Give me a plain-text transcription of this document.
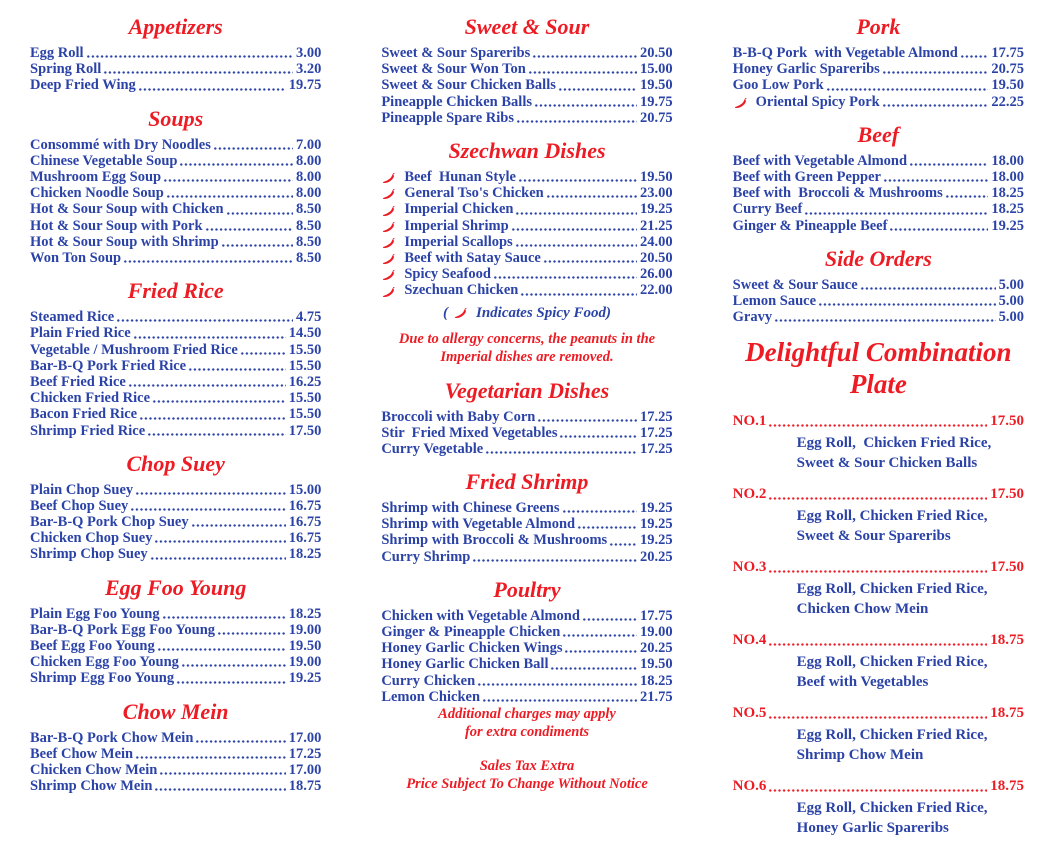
Appetizers
Egg Roll	3.00
Spring Roll	3.20
Deep Fried Wing	19.75
Soups
Consommé with Dry Noodles	7.00
Chinese Vegetable Soup	8.00
Mushroom Egg Soup	8.00
Chicken Noodle Soup	8.00
Hot & Sour Soup with Chicken	8.50
Hot & Sour Soup with Pork	8.50
Hot & Sour Soup with Shrimp	8.50
Won Ton Soup	8.50
Fried Rice
Steamed Rice	4.75
Plain Fried Rice	14.50
Vegetable / Mushroom Fried Rice	15.50
Bar-B-Q Pork Fried Rice	15.50
Beef Fried Rice	16.25
Chicken Fried Rice	15.50
Bacon Fried Rice	15.50
Shrimp Fried Rice	17.50
Chop Suey
Plain Chop Suey	15.00
Beef Chop Suey	16.75
Bar-B-Q Pork Chop Suey	16.75
Chicken Chop Suey	16.75
Shrimp Chop Suey	18.25
Egg Foo Young
Plain Egg Foo Young	18.25
Bar-B-Q Pork Egg Foo Young	19.00
Beef Egg Foo Young	19.50
Chicken Egg Foo Young	19.00
Shrimp Egg Foo Young	19.25
Chow Mein
Bar-B-Q Pork Chow Mein	17.00
Beef Chow Mein	17.25
Chicken Chow Mein	17.00
Shrimp Chow Mein	18.75
Sweet & Sour
Sweet & Sour Spareribs	20.50
Sweet & Sour Won Ton	15.00
Sweet & Sour Chicken Balls	19.50
Pineapple Chicken Balls	19.75
Pineapple Spare Ribs	20.75
Szechwan Dishes
Beef  Hunan Style	19.50
General Tso's Chicken	23.00
Imperial Chicken	19.25
Imperial Shrimp	21.25
Imperial Scallops	24.00
Beef with Satay Sauce	20.50
Spicy Seafood	26.00
Szechuan Chicken	22.00
( Indicates Spicy Food)
Due to allergy concerns, the peanuts in the
Imperial dishes are removed.
Vegetarian Dishes
Broccoli with Baby Corn	17.25
Stir  Fried Mixed Vegetables	17.25
Curry Vegetable	17.25
Fried Shrimp
Shrimp with Chinese Greens	19.25
Shrimp with Vegetable Almond	19.25
Shrimp with Broccoli & Mushrooms 19.25
Curry Shrimp	20.25
Poultry
Chicken with Vegetable Almond	17.75
Ginger & Pineapple Chicken	19.00
Honey Garlic Chicken Wings	20.25
Honey Garlic Chicken Ball	19.50
Curry Chicken	18.25
Lemon Chicken	21.75
Additional charges may apply
for extra condiments
Sales Tax Extra
Price Subject To Change Without Notice
Pork
B-B-Q Pork  with Vegetable Almond 17.75
Honey Garlic Spareribs	20.75
Goo Low Pork	19.50
Oriental Spicy Pork	22.25
Beef
Beef with Vegetable Almond	18.00
Beef with Green Pepper	18.00
Beef with  Broccoli & Mushrooms	18.25
Curry Beef	18.25
Ginger & Pineapple Beef	19.25
Side Orders
Sweet & Sour Sauce	5.00
Lemon Sauce	5.00
Gravy	5.00
Delightful Combination Plate
NO.1	17.50
Egg Roll,  Chicken Fried Rice,
Sweet & Sour Chicken Balls
NO.2	17.50
Egg Roll, Chicken Fried Rice,
Sweet & Sour Spareribs
NO.3	17.50
Egg Roll, Chicken Fried Rice,
Chicken Chow Mein
NO.4	18.75
Egg Roll, Chicken Fried Rice,
Beef with Vegetables
NO.5	18.75
Egg Roll, Chicken Fried Rice,
Shrimp Chow Mein
NO.6	18.75
Egg Roll, Chicken Fried Rice,
Honey Garlic Spareribs
